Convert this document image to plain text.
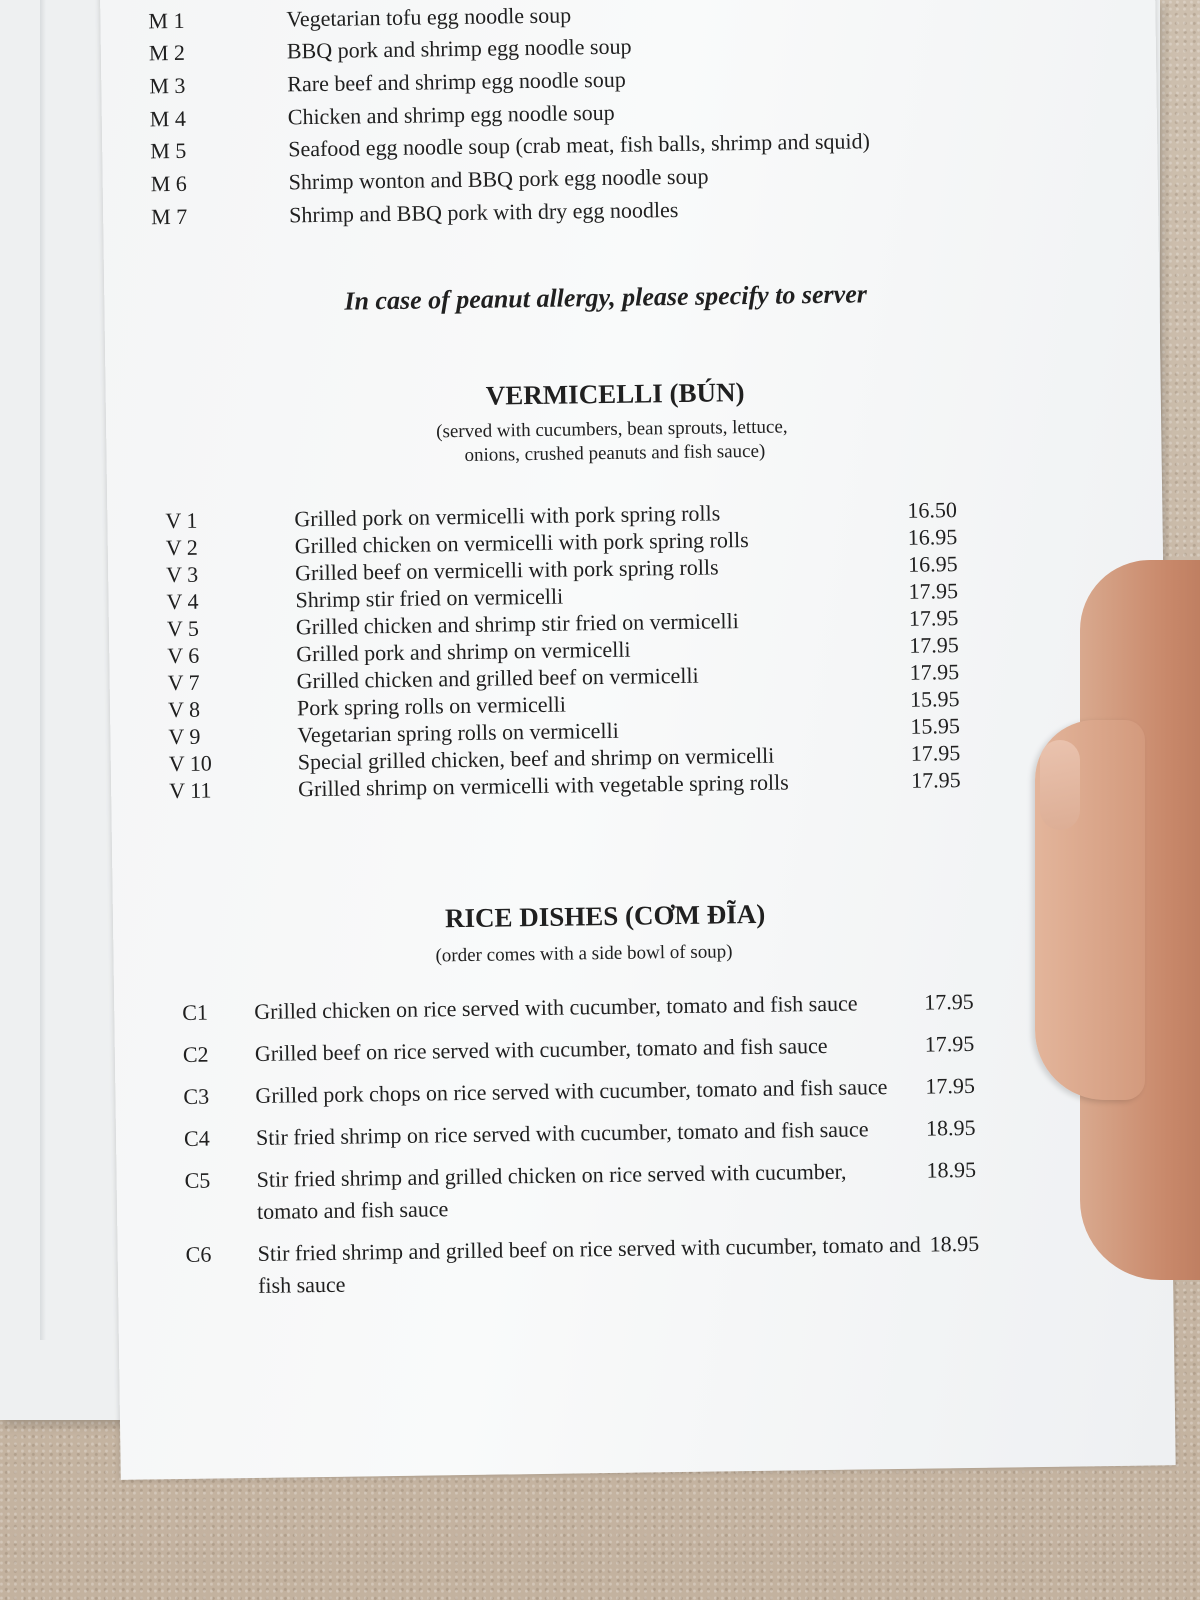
M 1	Vegetarian tofu egg noodle soup
M 2	BBQ pork and shrimp egg noodle soup
M 3	Rare beef and shrimp egg noodle soup
M 4	Chicken and shrimp egg noodle soup
M 5	Seafood egg noodle soup (crab meat, fish balls, shrimp and squid)
M 6	Shrimp wonton and BBQ pork egg noodle soup
M 7	Shrimp and BBQ pork with dry egg noodles
In case of peanut allergy, please specify to server
VERMICELLI (BÚN)
(served with cucumbers, bean sprouts, lettuce,
onions, crushed peanuts and fish sauce)
V 1	Grilled pork on vermicelli with pork spring rolls	16.50
V 2	Grilled chicken on vermicelli with pork spring rolls	16.95
V 3	Grilled beef on vermicelli with pork spring rolls	16.95
V 4	Shrimp stir fried on vermicelli	17.95
V 5	Grilled chicken and shrimp stir fried on vermicelli	17.95
V 6	Grilled pork and shrimp on vermicelli	17.95
V 7	Grilled chicken and grilled beef on vermicelli	17.95
V 8	Pork spring rolls on vermicelli	15.95
V 9	Vegetarian spring rolls on vermicelli	15.95
V 10	Special grilled chicken, beef and shrimp on vermicelli	17.95
V 11	Grilled shrimp on vermicelli with vegetable spring rolls	17.95
RICE DISHES (CƠM ĐĨA)
(order comes with a side bowl of soup)
C1 Grilled chicken on rice served with cucumber, tomato and fish sauce	17.95
C2 Grilled beef on rice served with cucumber, tomato and fish sauce	17.95
C3 Grilled pork chops on rice served with cucumber, tomato and fish sauce 17.95
C4 Stir fried shrimp on rice served with cucumber, tomato and fish sauce	18.95
C5 Stir fried shrimp and grilled chicken on rice served with cucumber, tomato and fish sauce
18.95
C6 Stir fried shrimp and grilled beef on rice served with cucumber, tomato and fish sauce
18.95
